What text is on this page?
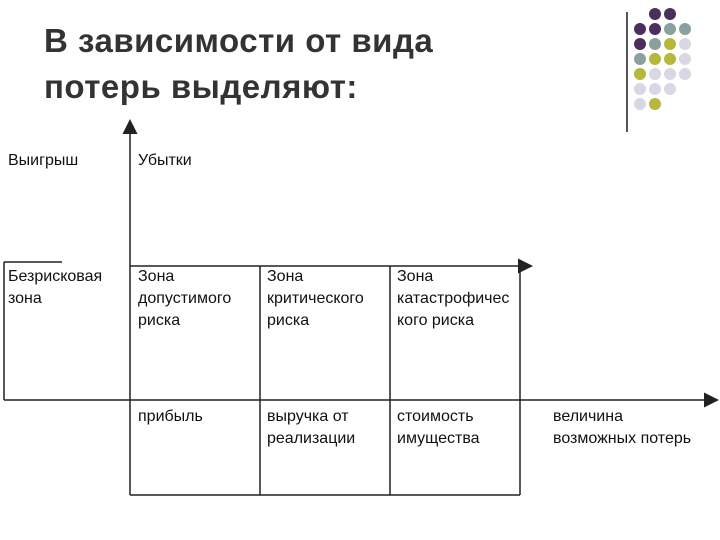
В зависимости от вида
потерь выделяют:
Выигрыш	Убытки
Безрисковая
зона
Зона
допустимого
риска
Зона
критического
риска
Зона
катастрофичес
кого риска
прибыль	выручка от
реализации
стоимость
имущества
величина
возможных потерь
